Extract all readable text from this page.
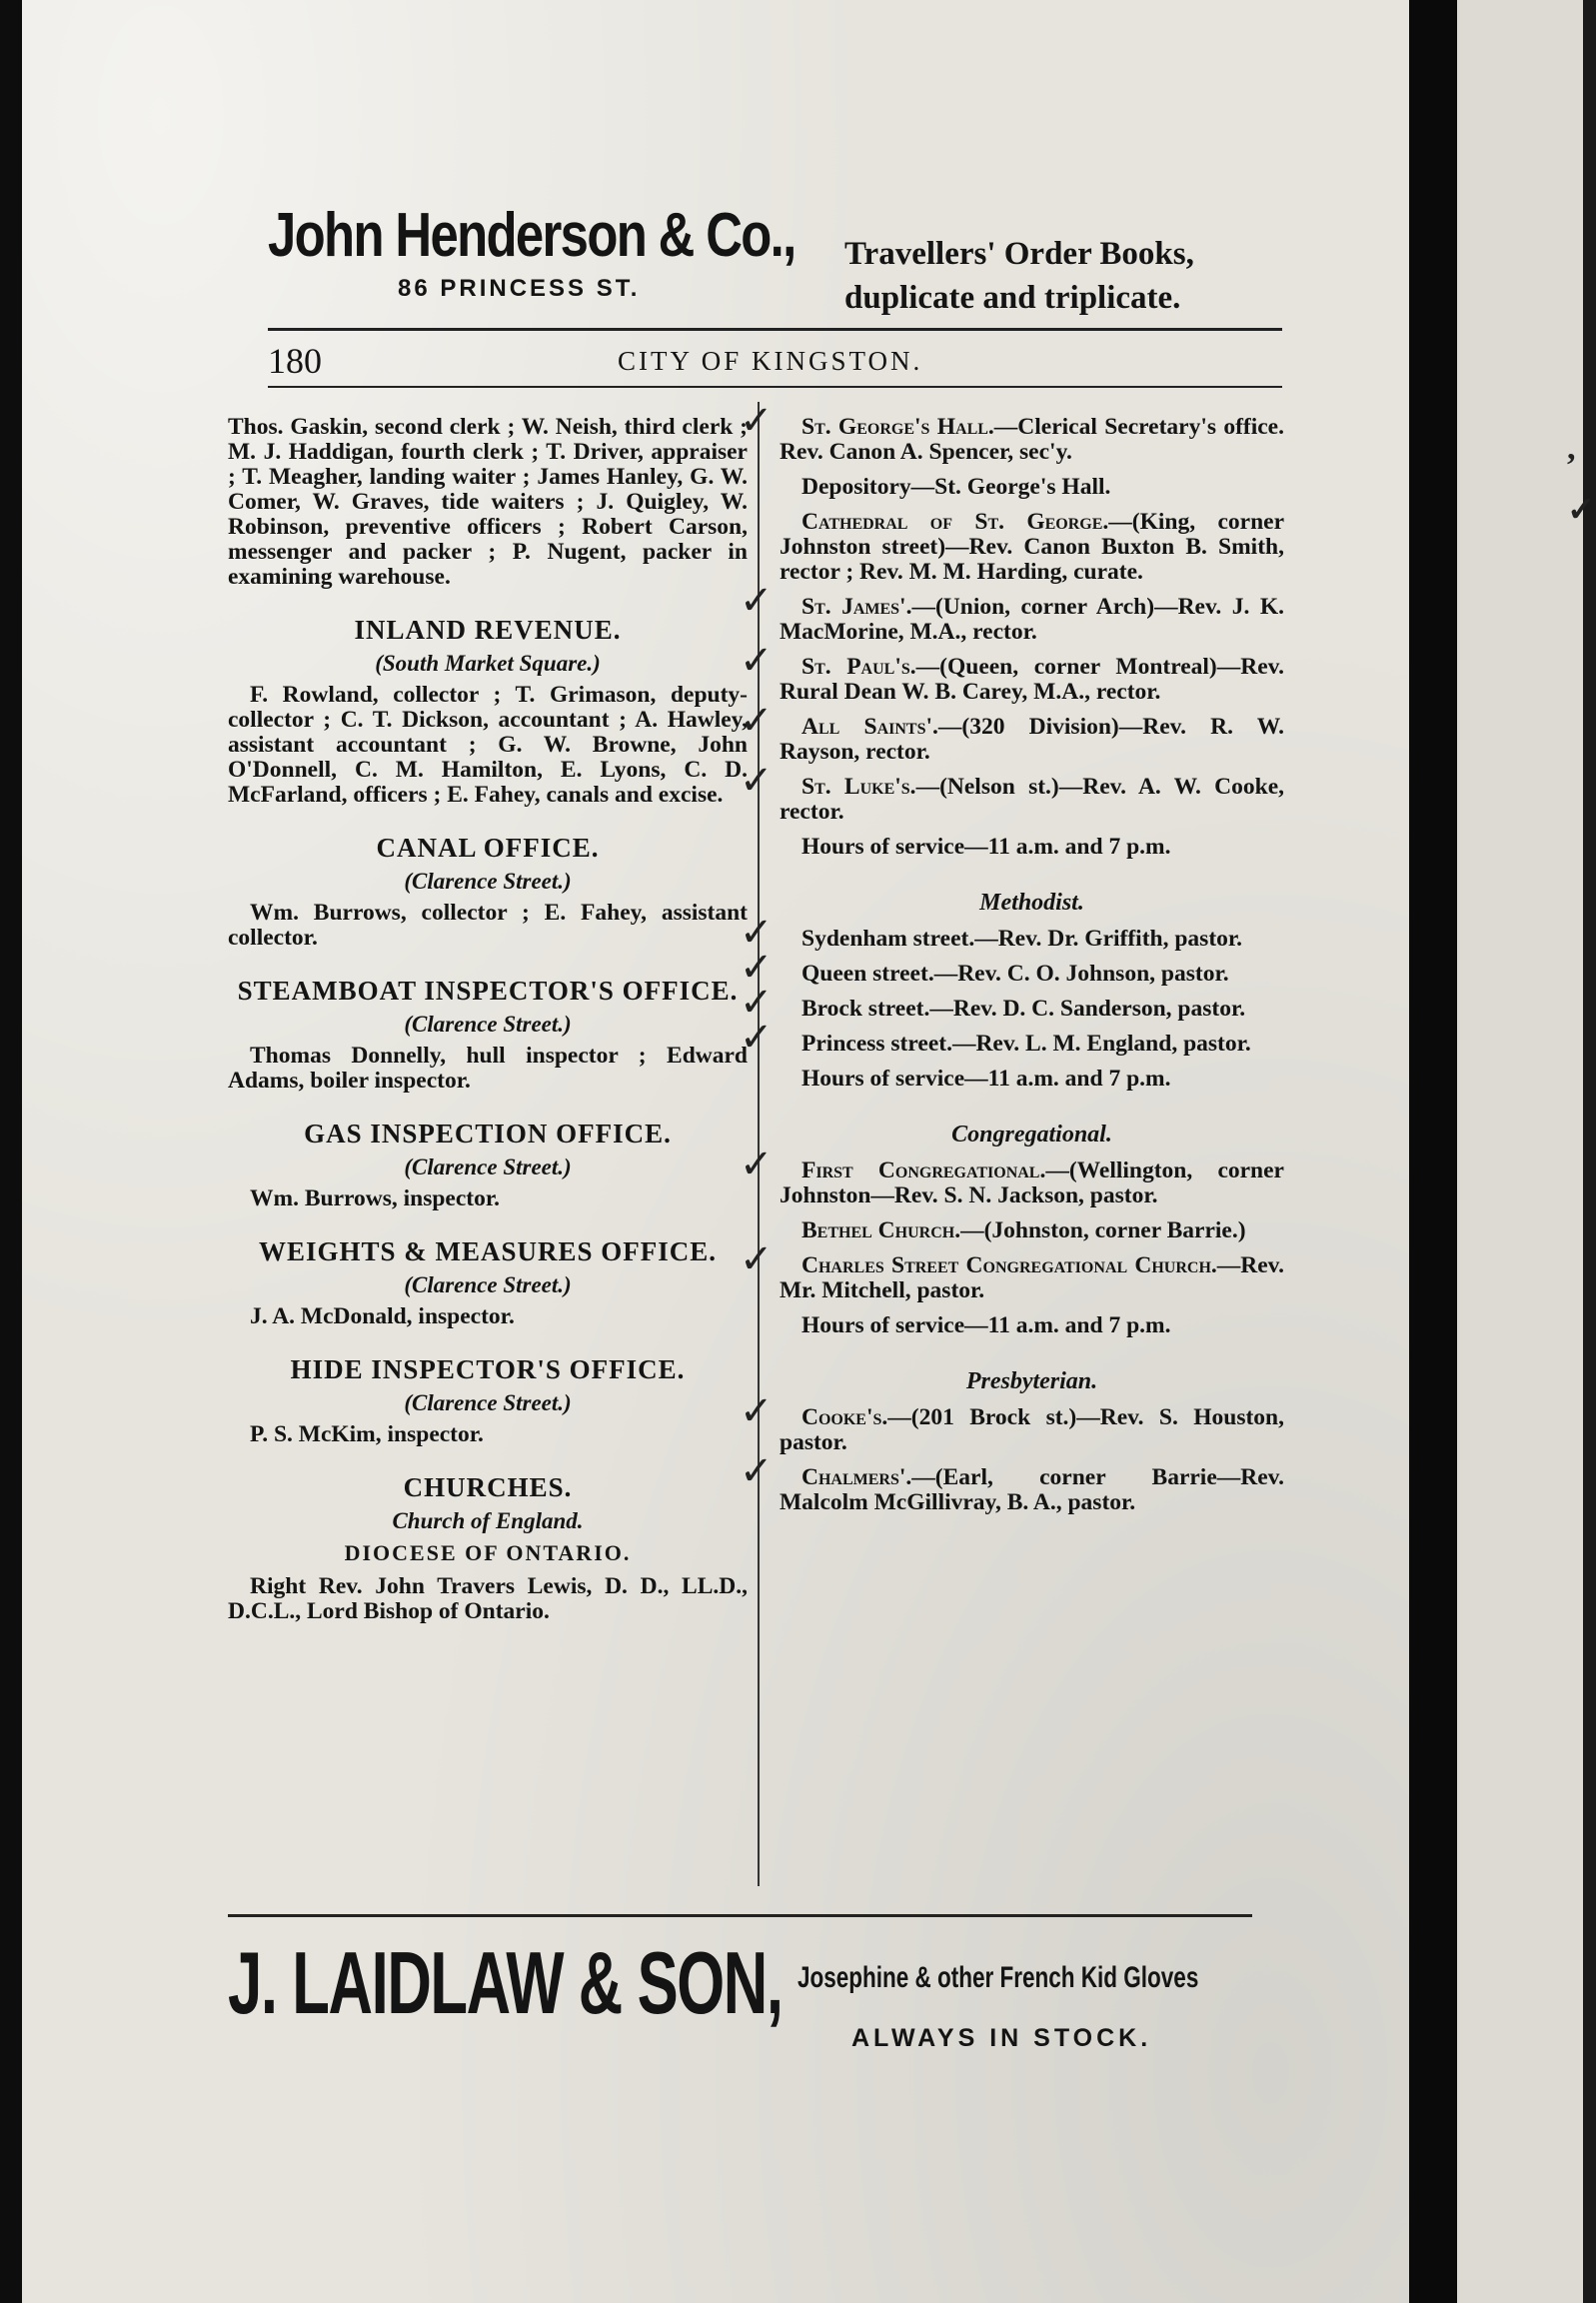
,
✓
John Henderson & Co.,
86 PRINCESS ST.
Travellers' Order Books,
duplicate and triplicate.
180	CITY OF KINGSTON.

Thos. Gaskin, second clerk ; W. Neish, third clerk ; M. J. Haddigan, fourth clerk ; T. Driver, appraiser ; T. Meagher, landing waiter ; James Hanley, G. W. Comer, W. Graves, tide waiters ; J. Quigley, W. Robinson, preventive officers ; Robert Carson, messenger and packer ; P. Nugent, packer in examining warehouse.

INLAND REVENUE.
(South Market Square.)

F. Rowland, collector ; T. Grimason, deputy-collector ; C. T. Dickson, accountant ; A. Hawley, assistant accountant ; G. W. Browne, John O'Donnell, C. M. Hamilton, E. Lyons, C. D. McFarland, officers ; E. Fahey, canals and excise.

CANAL OFFICE.
(Clarence Street.)

Wm. Burrows, collector ; E. Fahey, assistant collector.

STEAMBOAT INSPECTOR'S OFFICE.
(Clarence Street.)

Thomas Donnelly, hull inspector ; Edward Adams, boiler inspector.

GAS INSPECTION OFFICE.
(Clarence Street.)

Wm. Burrows, inspector.

WEIGHTS & MEASURES OFFICE.
(Clarence Street.)

J. A. McDonald, inspector.

HIDE INSPECTOR'S OFFICE.
(Clarence Street.)

P. S. McKim, inspector.

CHURCHES.
Church of England.
DIOCESE OF ONTARIO.

Right Rev. John Travers Lewis, D. D., LL.D., D.C.L., Lord Bishop of Ontario.

✓ St. George's Hall.—Clerical Secretary's office. Rev. Canon A. Spencer, sec'y.

Depository—St. George's Hall.

Cathedral of St. George.—(King, corner Johnston street)—Rev. Canon Buxton B. Smith, rector ; Rev. M. M. Harding, curate.

✓ St. James'.—(Union, corner Arch)—Rev. J. K. MacMorine, M.A., rector.

✓ St. Paul's.—(Queen, corner Montreal)—Rev. Rural Dean W. B. Carey, M.A., rector.

✓ All Saints'.—(320 Division)—Rev. R. W. Rayson, rector.

✓ St. Luke's.—(Nelson st.)—Rev. A. W. Cooke, rector.

Hours of service—11 a.m. and 7 p.m.

Methodist.

✓ Sydenham street.—Rev. Dr. Griffith, pastor.

✓ Queen street.—Rev. C. O. Johnson, pastor.

✓ Brock street.—Rev. D. C. Sanderson, pastor.

✓ Princess street.—Rev. L. M. England, pastor.

Hours of service—11 a.m. and 7 p.m.

Congregational.

✓ First Congregational.—(Wellington, corner Johnston—Rev. S. N. Jackson, pastor.

Bethel Church.—(Johnston, corner Barrie.)

✓ Charles Street Congregational Church.—Rev. Mr. Mitchell, pastor.

Hours of service—11 a.m. and 7 p.m.

Presbyterian.

✓ Cooke's.—(201 Brock st.)—Rev. S. Houston, pastor.

✓ Chalmers'.—(Earl, corner Barrie—Rev. Malcolm McGillivray, B. A., pastor.

J. LAIDLAW & SON, Josephine & other French Kid Gloves
ALWAYS IN STOCK.
